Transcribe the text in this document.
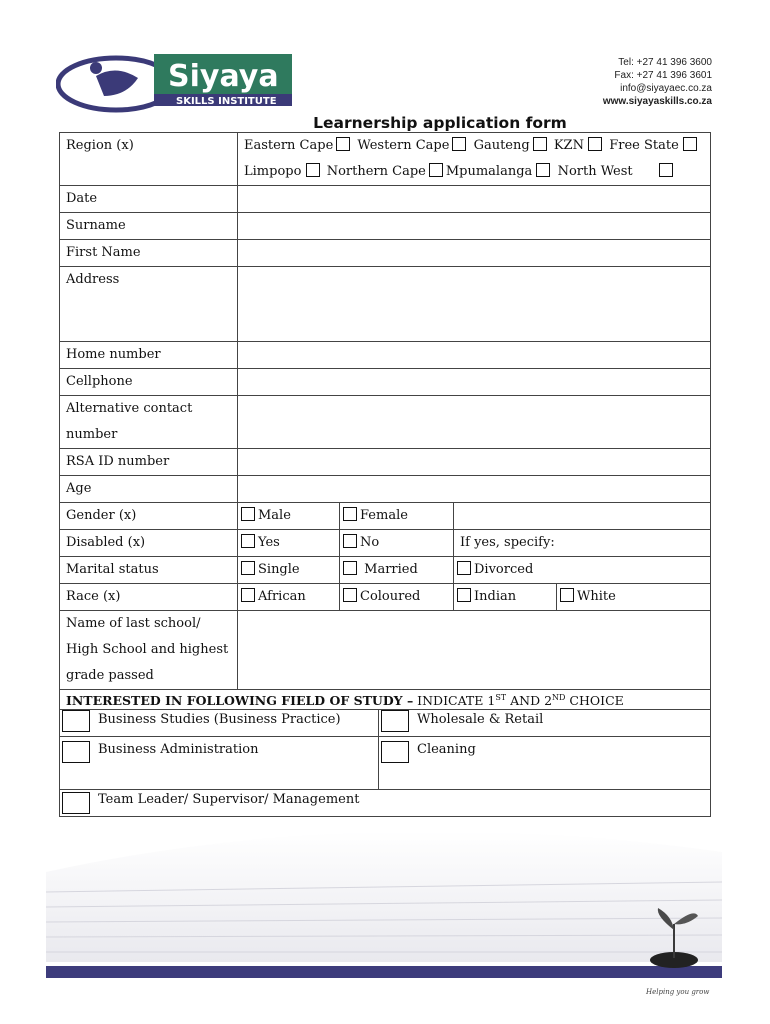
Siyaya
SKILLS INSTITUTE
Tel: +27 41 396 3600
Fax: +27 41 396 3601
info@siyayaec.co.za
www.siyayaskills.co.za
Learnership application form
Region (x)	Eastern Cape Western Cape Gauteng KZN Free State
Limpopo Northern Cape Mpumalanga North West

Date	
Surname	
First Name	
Address	
Home number	
Cellphone	

Alternative contact
number

RSA ID number	
Age	
Gender (x)	Male	Female

Disabled (x)	Yes	No	If yes, specify:

Marital status	Single	Married	Divorced

Race (x)	African	Coloured	Indian	White

Name of last school/
High School and highest
grade passed

INTERESTED IN FOLLOWING FIELD OF STUDY – INDICATE 1ST AND 2ND CHOICE

Business Studies (Business Practice)	Wholesale & Retail
Business Administration	Cleaning
Team Leader/ Supervisor/ Management
Helping you grow
